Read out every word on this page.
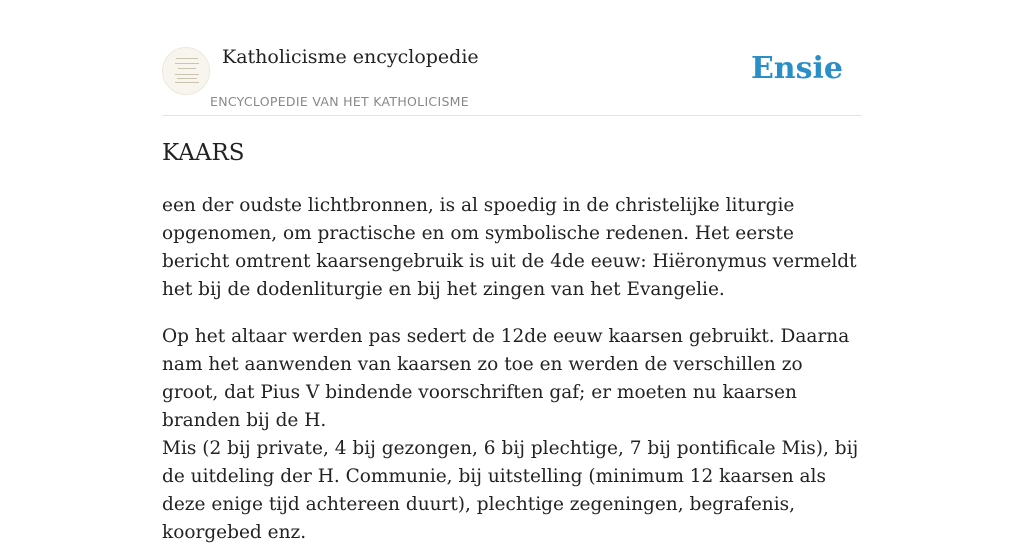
Katholicisme encyclopedie
ENCYCLOPEDIE VAN HET KATHOLICISME
Ensie
KAARS

een der oudste lichtbronnen, is al spoedig in de christelijke liturgie opgenomen, om practische en om symbolische redenen. Het eerste bericht omtrent kaarsengebruik is uit de 4de eeuw: Hiëronymus vermeldt het bij de dodenliturgie en bij het zingen van het Evangelie.

Op het altaar werden pas sedert de 12de eeuw kaarsen gebruikt. Daarna nam het aanwenden van kaarsen zo toe en werden de verschillen zo groot, dat Pius V bindende voorschriften gaf; er moeten nu kaarsen branden bij de H.

Mis (2 bij private, 4 bij gezongen, 6 bij plechtige, 7 bij pontificale Mis), bij de uitdeling der H. Communie, bij uitstelling (minimum 12 kaarsen als deze enige tijd achtereen duurt), plechtige zegeningen, begrafenis, koorgebed enz.
